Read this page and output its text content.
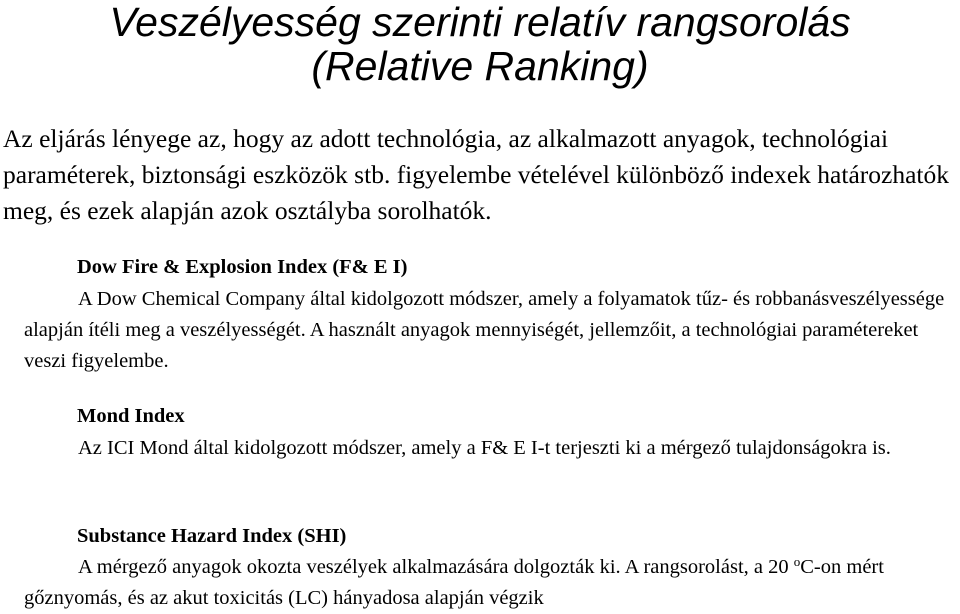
Veszélyesség szerinti relatív rangsorolás
(Relative Ranking)

Az eljárás lényege az, hogy az adott technológia, az alkalmazott anyagok, technológiai paraméterek, biztonsági eszközök stb. figyelembe vételével különböző indexek határozhatók meg, és ezek alapján azok osztályba sorolhatók.

Dow Fire & Explosion Index (F& E I)

A Dow Chemical Company által kidolgozott módszer, amely a folyamatok tűz- és robbanásveszélyessége alapján ítéli meg a veszélyességét. A használt anyagok mennyiségét, jellemzőit, a technológiai paramétereket veszi figyelembe.

Mond Index

Az ICI Mond által kidolgozott módszer, amely a F& E I-t terjeszti ki a mérgező tulajdonságokra is.

Substance Hazard Index (SHI)

A mérgező anyagok okozta veszélyek alkalmazására dolgozták ki. A rangsorolást, a 20 $^o$C-on mért gőznyomás, és az akut toxicitás (LC) hányadosa alapján végzik
